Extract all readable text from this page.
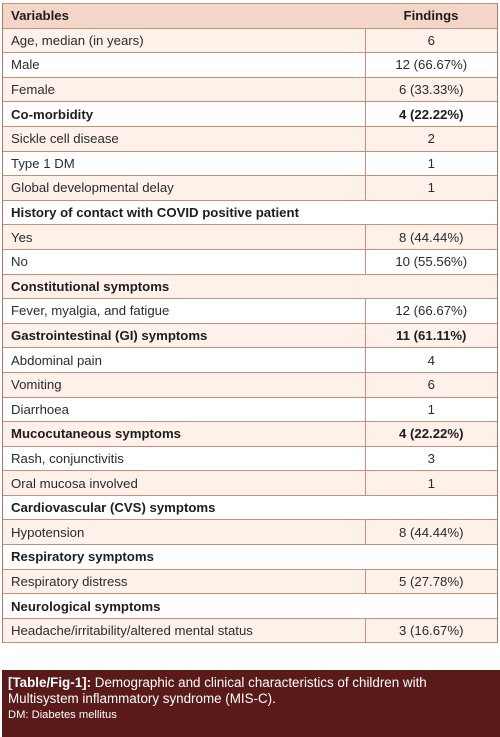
Variables	Findings
Age, median (in years)	6
Male	12 (66.67%)
Female	6 (33.33%)
Co-morbidity	4 (22.22%)
Sickle cell disease	2
Type 1 DM	1
Global developmental delay	1
History of contact with COVID positive patient	
Yes	8 (44.44%)
No	10 (55.56%)
Constitutional symptoms	
Fever, myalgia, and fatigue	12 (66.67%)
Gastrointestinal (GI) symptoms	11 (61.11%)
Abdominal pain	4
Vomiting	6
Diarrhoea	1
Mucocutaneous symptoms	4 (22.22%)
Rash, conjunctivitis	3
Oral mucosa involved	1
Cardiovascular (CVS) symptoms	
Hypotension	8 (44.44%)
Respiratory symptoms	
Respiratory distress	5 (27.78%)
Neurological symptoms	
Headache/irritability/altered mental status	3 (16.67%)
[Table/Fig-1]: Demographic and clinical characteristics of children with Multisystem inflammatory syndrome (MIS-C).
DM: Diabetes mellitus
